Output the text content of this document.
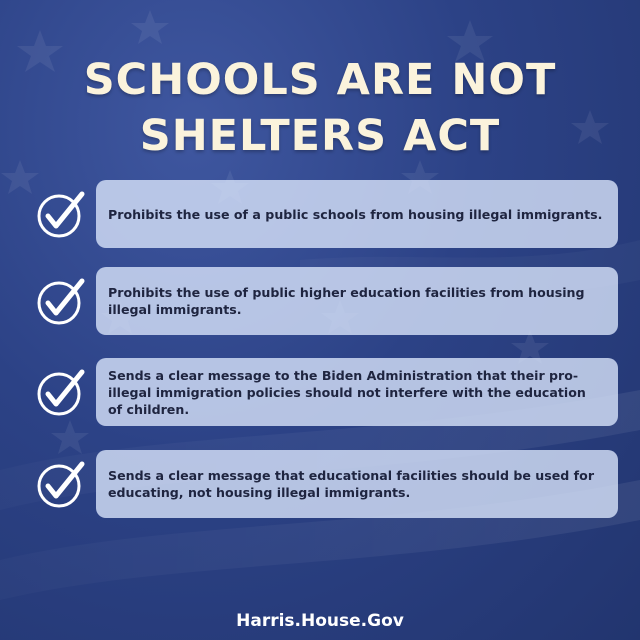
SCHOOLS ARE NOT
SHELTERS ACT
Prohibits the use of a public schools from housing illegal immigrants.
Prohibits the use of public higher education facilities from housing illegal immigrants.
Sends a clear message to the Biden Administration that their pro-illegal immigration policies should not interfere with the education of children.
Sends a clear message that educational facilities should be used for educating, not housing illegal immigrants.
Harris.House.Gov
